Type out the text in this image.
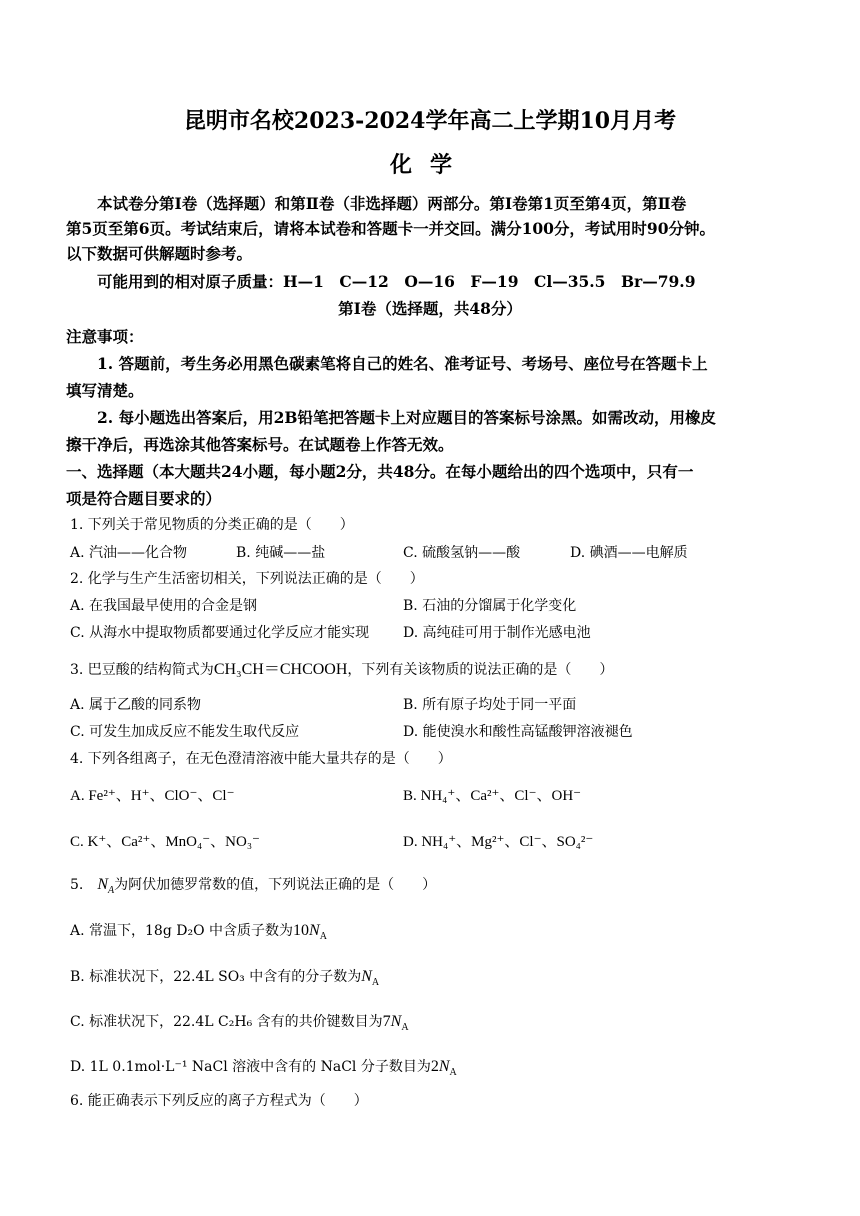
昆明市名校2023-2024学年高二上学期10月月考
化学
本试卷分第Ⅰ卷（选择题）和第Ⅱ卷（非选择题）两部分。第Ⅰ卷第1页至第4页，第Ⅱ卷
第5页至第6页。考试结束后，请将本试卷和答题卡一并交回。满分100分，考试用时90分钟。
以下数据可供解题时参考。
可能用到的相对原子质量：H—1　C—12　O—16　F—19　Cl—35.5　Br—79.9
第Ⅰ卷（选择题，共48分）
注意事项：
1. 答题前，考生务必用黑色碳素笔将自己的姓名、准考证号、考场号、座位号在答题卡上
填写清楚。
2. 每小题选出答案后，用2B铅笔把答题卡上对应题目的答案标号涂黑。如需改动，用橡皮
擦干净后，再选涂其他答案标号。在试题卷上作答无效。
一、选择题（本大题共24小题，每小题2分，共48分。在每小题给出的四个选项中，只有一
项是符合题目要求的）
1. 下列关于常见物质的分类正确的是（　　）
A. 汽油——化合物	B. 纯碱——盐	C. 硫酸氢钠——酸	D. 碘酒——电解质
2. 化学与生产生活密切相关，下列说法正确的是（　　）
A. 在我国最早使用的合金是钢	B. 石油的分馏属于化学变化
C. 从海水中提取物质都要通过化学反应才能实现 D. 高纯硅可用于制作光感电池
3. 巴豆酸的结构简式为CH₃CH＝CHCOOH，下列有关该物质的说法正确的是（　　）
A. 属于乙酸的同系物	B. 所有原子均处于同一平面
C. 可发生加成反应不能发生取代反应	D. 能使溴水和酸性高锰酸钾溶液褪色
4. 下列各组离子，在无色澄清溶液中能大量共存的是（　　）
A. Fe²⁺、H⁺、ClO⁻、Cl⁻	B. NH₄⁺、Ca²⁺、Cl⁻、OH⁻
C. K⁺、Ca²⁺、MnO₄⁻、NO₃⁻	D. NH₄⁺、Mg²⁺、Cl⁻、SO₄²⁻
5.　$N_A$为阿伏加德罗常数的值，下列说法正确的是（　　）
A. 常温下，18g D₂O 中含质子数为$10N_A$
B. 标准状况下，22.4L SO₃ 中含有的分子数为$N_A$
C. 标准状况下，22.4L C₂H₆ 含有的共价键数目为$7N_A$
D. 1L 0.1mol·L⁻¹ NaCl 溶液中含有的 NaCl 分子数目为$2N_A$
6. 能正确表示下列反应的离子方程式为（　　）
